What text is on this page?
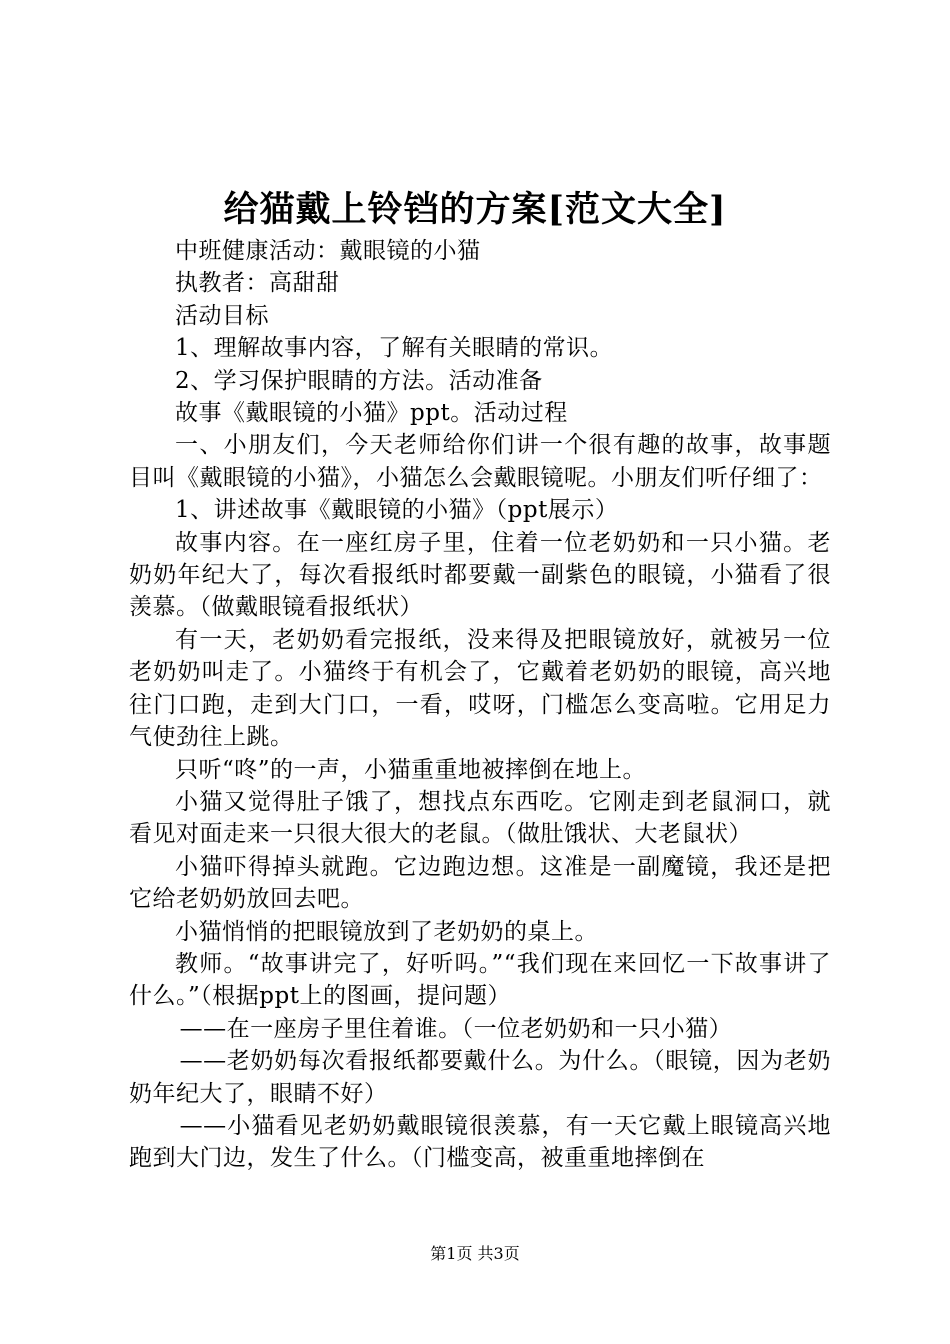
给猫戴上铃铛的方案[范文大全]

中班健康活动：戴眼镜的小猫

执教者：高甜甜

活动目标

1、理解故事内容，了解有关眼睛的常识。

2、学习保护眼睛的方法。活动准备

故事《戴眼镜的小猫》ppt。活动过程

一、小朋友们，今天老师给你们讲一个很有趣的故事，故事题目叫《戴眼镜的小猫》，小猫怎么会戴眼镜呢。小朋友们听仔细了：

1、讲述故事《戴眼镜的小猫》（ppt展示）

故事内容。在一座红房子里，住着一位老奶奶和一只小猫。老奶奶年纪大了，每次看报纸时都要戴一副紫色的眼镜，小猫看了很羡慕。（做戴眼镜看报纸状）

有一天，老奶奶看完报纸，没来得及把眼镜放好，就被另一位老奶奶叫走了。小猫终于有机会了，它戴着老奶奶的眼镜，高兴地往门口跑，走到大门口，一看，哎呀，门槛怎么变高啦。它用足力气使劲往上跳。

只听“咚”的一声，小猫重重地被摔倒在地上。

小猫又觉得肚子饿了，想找点东西吃。它刚走到老鼠洞口，就看见对面走来一只很大很大的老鼠。（做肚饿状、大老鼠状）

小猫吓得掉头就跑。它边跑边想。这准是一副魔镜，我还是把它给老奶奶放回去吧。

小猫悄悄的把眼镜放到了老奶奶的桌上。

教师。“故事讲完了，好听吗。”“我们现在来回忆一下故事讲了什么。”（根据ppt上的图画，提问题）

——在一座房子里住着谁。（一位老奶奶和一只小猫）

——老奶奶每次看报纸都要戴什么。为什么。（眼镜，因为老奶奶年纪大了，眼睛不好）

——小猫看见老奶奶戴眼镜很羡慕，有一天它戴上眼镜高兴地跑到大门边，发生了什么。（门槛变高，被重重地摔倒在

第1页 共3页
